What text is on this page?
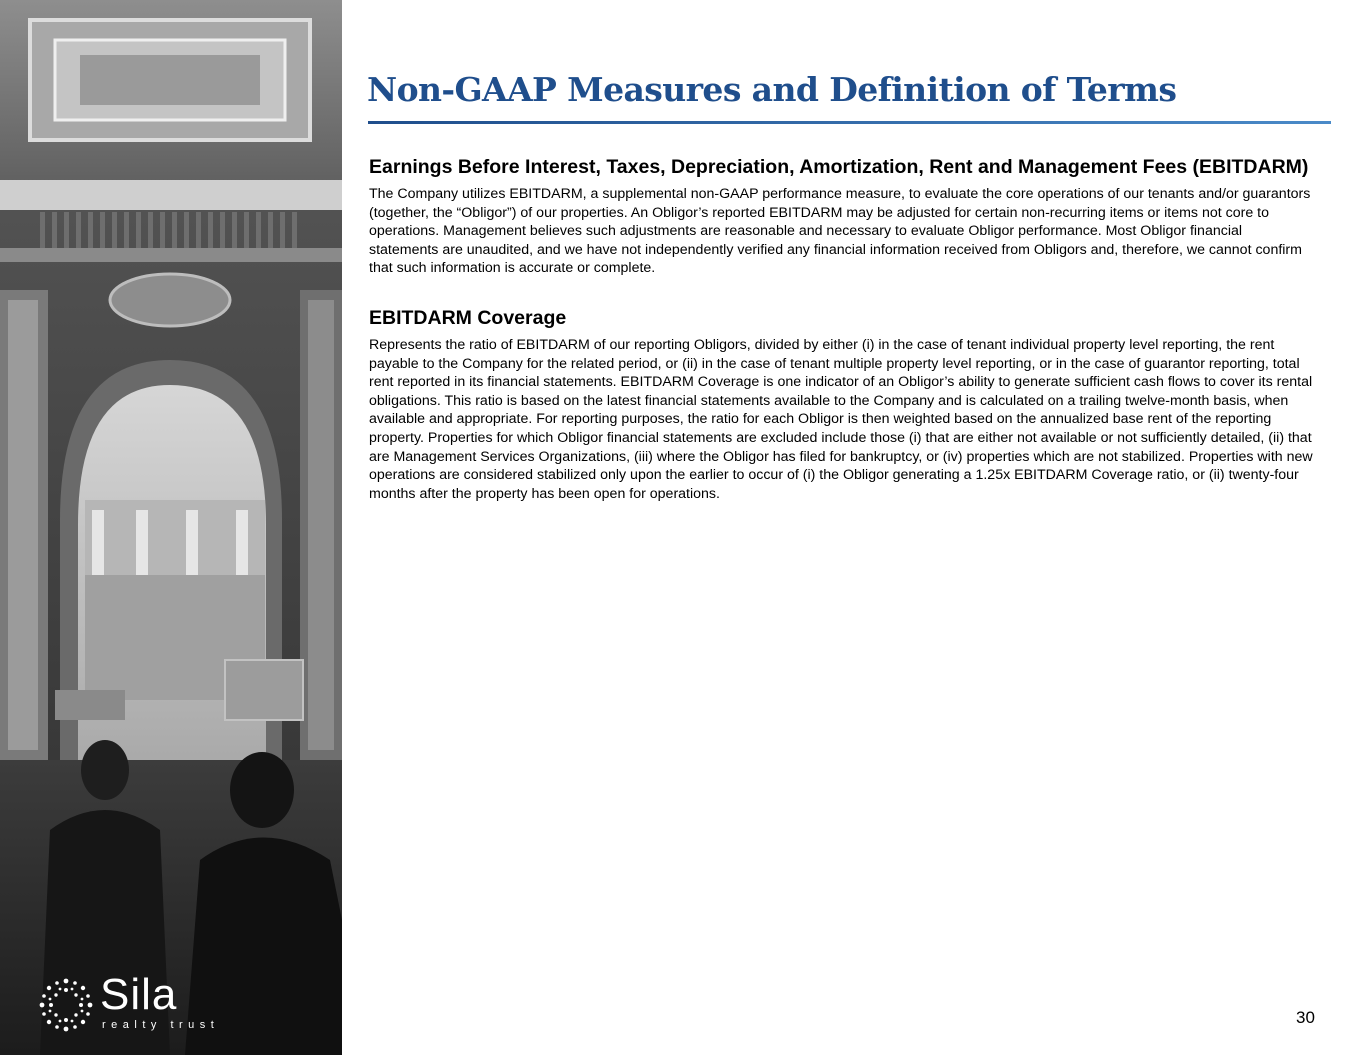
Sila
realty trust
Non-GAAP Measures and Definition of Terms
Earnings Before Interest, Taxes, Depreciation, Amortization, Rent and Management Fees (EBITDARM)

The Company utilizes EBITDARM, a supplemental non-GAAP performance measure, to evaluate the core operations of our tenants and/or guarantors (together, the “Obligor”) of our properties. An Obligor’s reported EBITDARM may be adjusted for certain non-recurring items or items not core to operations. Management believes such adjustments are reasonable and necessary to evaluate Obligor performance. Most Obligor financial statements are unaudited, and we have not independently verified any financial information received from Obligors and, therefore, we cannot confirm that such information is accurate or complete.

EBITDARM Coverage

Represents the ratio of EBITDARM of our reporting Obligors, divided by either (i) in the case of tenant individual property level reporting, the rent payable to the Company for the related period, or (ii) in the case of tenant multiple property level reporting, or in the case of guarantor reporting, total rent reported in its financial statements. EBITDARM Coverage is one indicator of an Obligor’s ability to generate sufficient cash flows to cover its rental obligations. This ratio is based on the latest financial statements available to the Company and is calculated on a trailing twelve-month basis, when available and appropriate. For reporting purposes, the ratio for each Obligor is then weighted based on the annualized base rent of the reporting property. Properties for which Obligor financial statements are excluded include those (i) that are either not available or not sufficiently detailed, (ii) that are Management Services Organizations, (iii) where the Obligor has filed for bankruptcy, or (iv) properties which are not stabilized. Properties with new operations are considered stabilized only upon the earlier to occur of (i) the Obligor generating a 1.25x EBITDARM Coverage ratio, or (ii) twenty-four months after the property has been open for operations.

30
